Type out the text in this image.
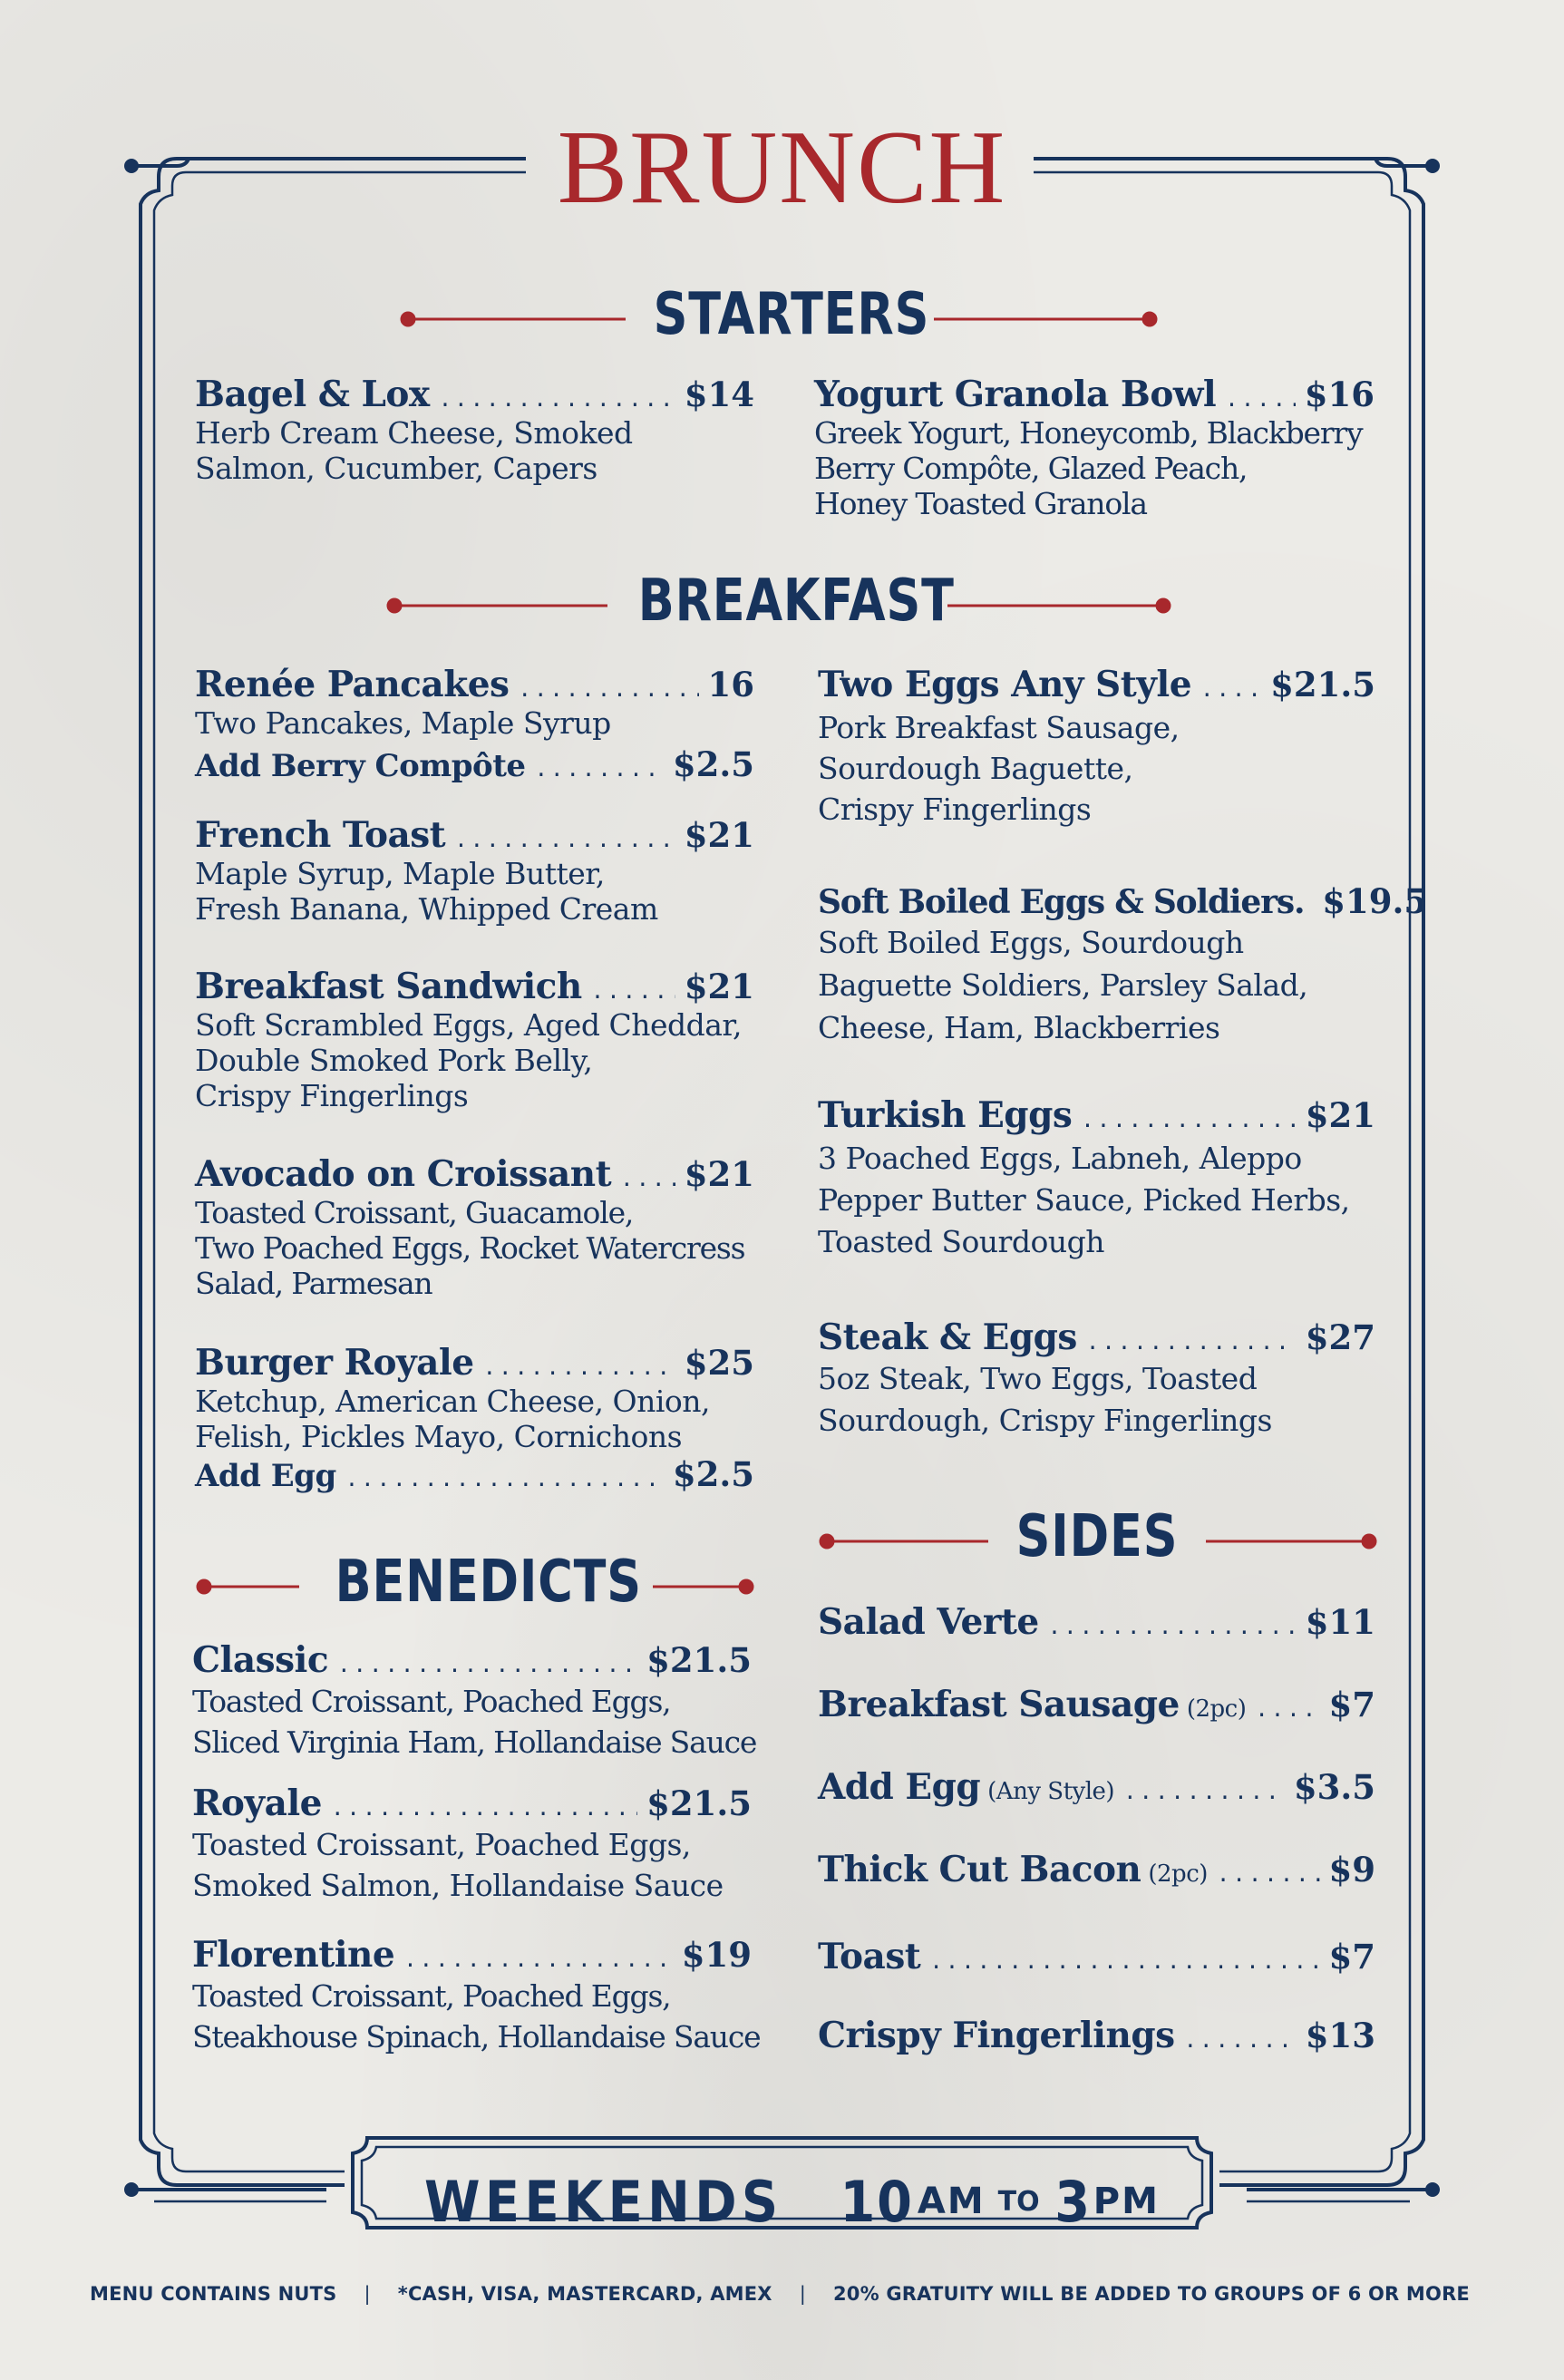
BRUNCH
STARTERS
BREAKFAST
BENEDICTS
SIDES
Bagel & Lox .....	$14
Herb Cream Cheese, Smoked
Salmon, Cucumber, Capers
Yogurt Granola Bowl .....	$16
Greek Yogurt, Honeycomb, Blackberry
Berry Compôte, Glazed Peach,
Honey Toasted Granola
Renée Pancakes .....	16
Two Pancakes, Maple Syrup
Add Berry Compôte .....	$2.5
French Toast .....	$21
Maple Syrup, Maple Butter,
Fresh Banana, Whipped Cream
Breakfast Sandwich .....	$21
Soft Scrambled Eggs, Aged Cheddar,
Double Smoked Pork Belly,
Crispy Fingerlings
Avocado on Croissant ..... $21
Toasted Croissant, Guacamole,
Two Poached Eggs, Rocket Watercress
Salad, Parmesan
Burger Royale .....	$25
Ketchup, American Cheese, Onion,
Felish, Pickles Mayo, Cornichons
Add Egg .....	$2.5
Two Eggs Any Style ..... $21.5
Pork Breakfast Sausage,
Sourdough Baguette,
Crispy Fingerlings
Soft Boiled Eggs & Soldiers. $19.5
Soft Boiled Eggs, Sourdough
Baguette Soldiers, Parsley Salad,
Cheese, Ham, Blackberries
Turkish Eggs .....	$21
3 Poached Eggs, Labneh, Aleppo
Pepper Butter Sauce, Picked Herbs,
Toasted Sourdough
Steak & Eggs .....	$27
5oz Steak, Two Eggs, Toasted
Sourdough, Crispy Fingerlings
Classic .....	$21.5
Toasted Croissant, Poached Eggs,
Sliced Virginia Ham, Hollandaise Sauce
Royale .....	$21.5
Toasted Croissant, Poached Eggs,
Smoked Salmon, Hollandaise Sauce
Florentine .....	$19
Toasted Croissant, Poached Eggs,
Steakhouse Spinach, Hollandaise Sauce
Salad Verte .....	$11
Breakfast Sausage (2pc) ..... $7
Add Egg (Any Style) .....	$3.5
Thick Cut Bacon (2pc) .....	$9
Toast .....	$7
Crispy Fingerlings .....	$13
WEEKENDS 10 AM TO 3 PM
MENU CONTAINS NUTS | *CASH, VISA, MASTERCARD, AMEX | 20% GRATUITY WILL BE ADDED TO GROUPS OF 6 OR MORE
